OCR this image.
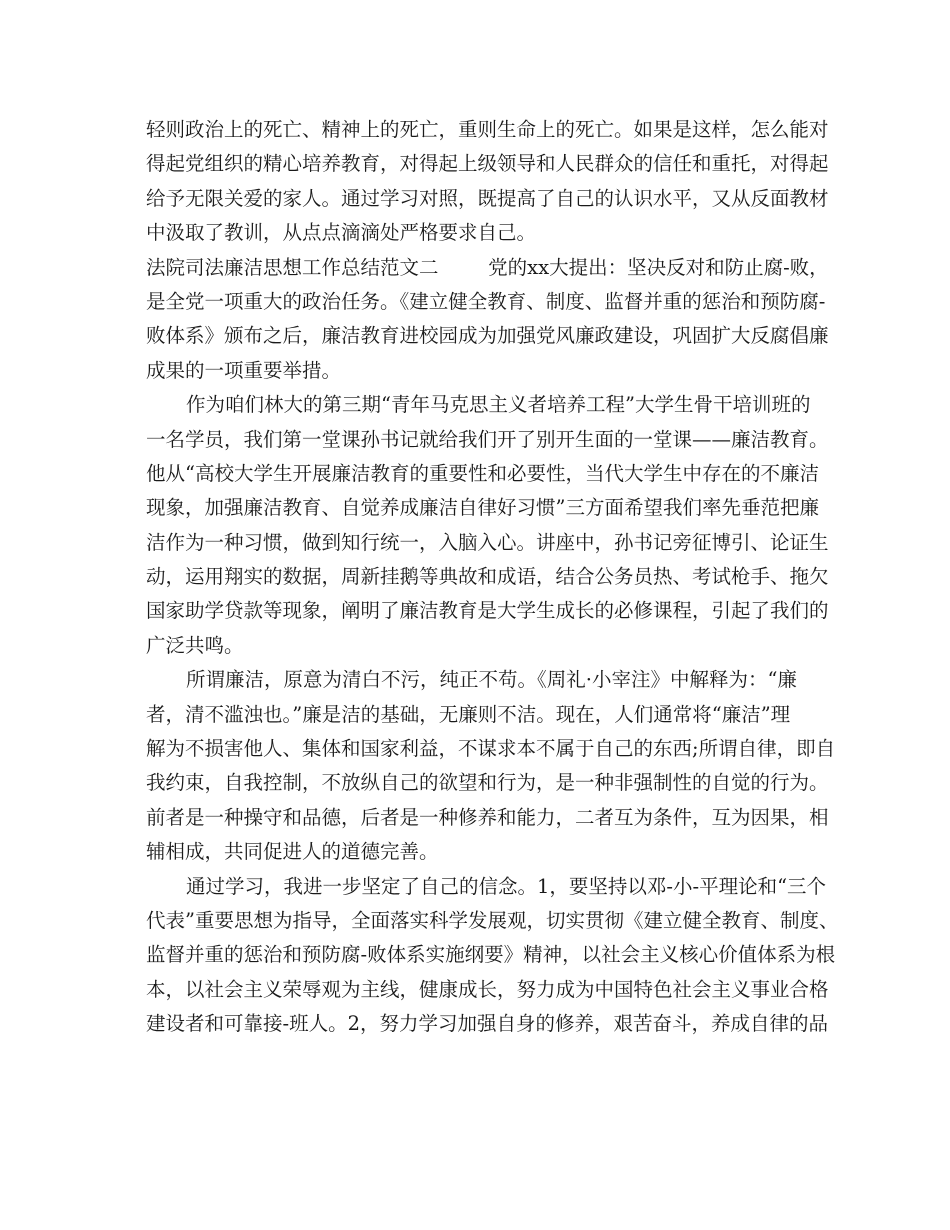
轻则政治上的死亡、精神上的死亡，重则生命上的死亡。如果是这样，怎么能对
得起党组织的精心培养教育，对得起上级领导和人民群众的信任和重托，对得起
给予无限关爱的家人。通过学习对照，既提高了自己的认识水平，又从反面教材
中汲取了教训，从点点滴滴处严格要求自己。
法院司法廉洁思想工作总结范文二        党的xx大提出：坚决反对和防止腐-败，
是全党一项重大的政治任务。《建立健全教育、制度、监督并重的惩治和预防腐-
败体系》颁布之后，廉洁教育进校园成为加强党风廉政建设，巩固扩大反腐倡廉
成果的一项重要举措。
作为咱们林大的第三期“青年马克思主义者培养工程”大学生骨干培训班的
一名学员，我们第一堂课孙书记就给我们开了别开生面的一堂课——廉洁教育。
他从“高校大学生开展廉洁教育的重要性和必要性，当代大学生中存在的不廉洁
现象，加强廉洁教育、自觉养成廉洁自律好习惯”三方面希望我们率先垂范把廉
洁作为一种习惯，做到知行统一，入脑入心。讲座中，孙书记旁征博引、论证生
动，运用翔实的数据，周新挂鹅等典故和成语，结合公务员热、考试枪手、拖欠
国家助学贷款等现象，阐明了廉洁教育是大学生成长的必修课程，引起了我们的
广泛共鸣。
所谓廉洁，原意为清白不污，纯正不苟。《周礼·小宰注》中解释为：“廉
者，清不滥浊也。”廉是洁的基础，无廉则不洁。现在，人们通常将“廉洁”理
解为不损害他人、集体和国家利益，不谋求本不属于自己的东西;所谓自律，即自
我约束，自我控制，不放纵自己的欲望和行为，是一种非强制性的自觉的行为。
前者是一种操守和品德，后者是一种修养和能力，二者互为条件，互为因果，相
辅相成，共同促进人的道德完善。
通过学习，我进一步坚定了自己的信念。1，要坚持以邓-小-平理论和“三个
代表”重要思想为指导，全面落实科学发展观，切实贯彻《建立健全教育、制度、
监督并重的惩治和预防腐-败体系实施纲要》精神，以社会主义核心价值体系为根
本，以社会主义荣辱观为主线，健康成长，努力成为中国特色社会主义事业合格
建设者和可靠接-班人。2，努力学习加强自身的修养，艰苦奋斗，养成自律的品
